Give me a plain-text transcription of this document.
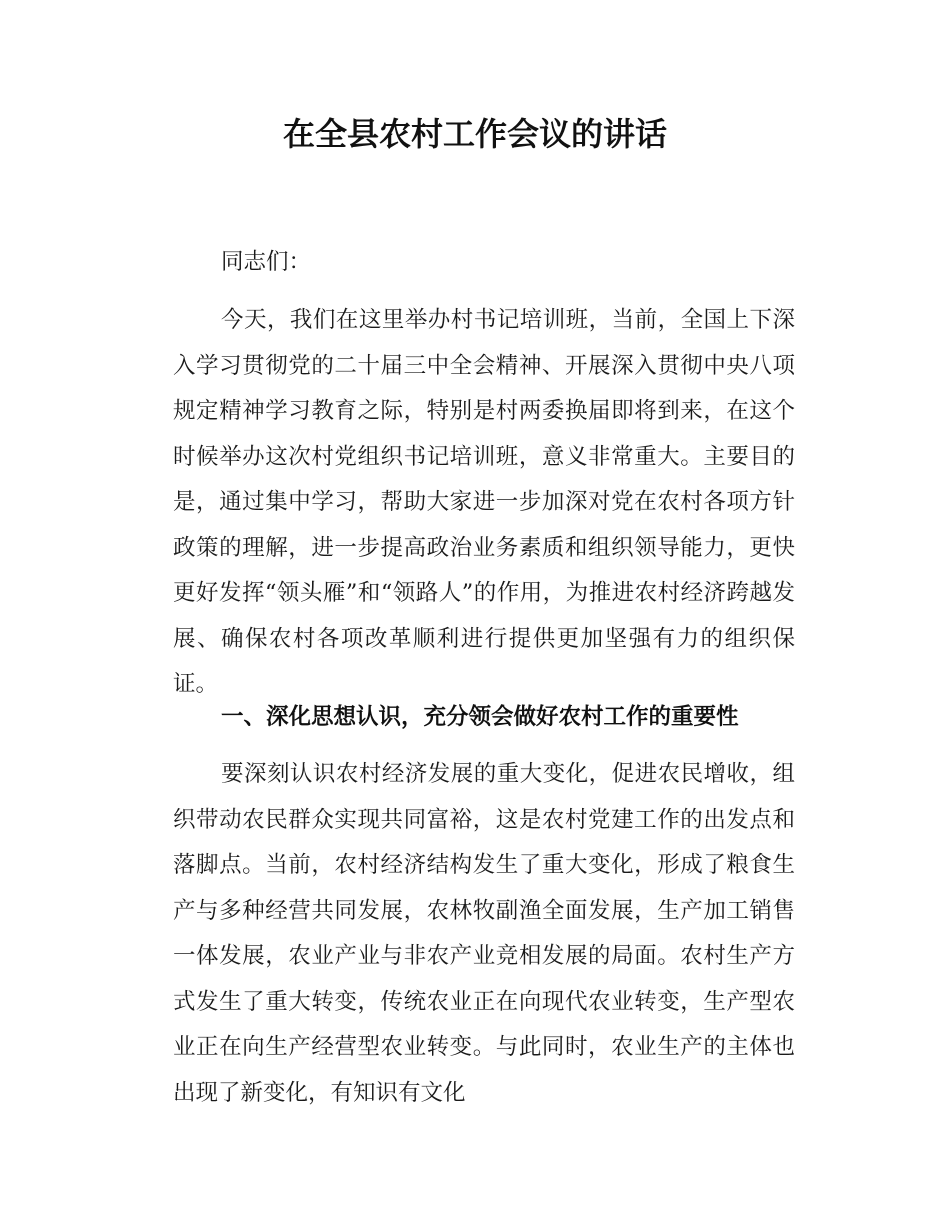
在全县农村工作会议的讲话

同志们：

今天，我们在这里举办村书记培训班，当前，全国上下深入学习贯彻党的二十届三中全会精神、开展深入贯彻中央八项规定精神学习教育之际，特别是村两委换届即将到来，在这个时候举办这次村党组织书记培训班，意义非常重大。主要目的是，通过集中学习，帮助大家进一步加深对党在农村各项方针政策的理解，进一步提高政治业务素质和组织领导能力，更快更好发挥“领头雁”和“领路人”的作用，为推进农村经济跨越发展、确保农村各项改革顺利进行提供更加坚强有力的组织保证。

一、深化思想认识，充分领会做好农村工作的重要性

要深刻认识农村经济发展的重大变化，促进农民增收，组织带动农民群众实现共同富裕，这是农村党建工作的出发点和落脚点。当前，农村经济结构发生了重大变化，形成了粮食生产与多种经营共同发展，农林牧副渔全面发展，生产加工销售一体发展，农业产业与非农产业竞相发展的局面。农村生产方式发生了重大转变，传统农业正在向现代农业转变，生产型农业正在向生产经营型农业转变。与此同时，农业生产的主体也出现了新变化，有知识有文化
